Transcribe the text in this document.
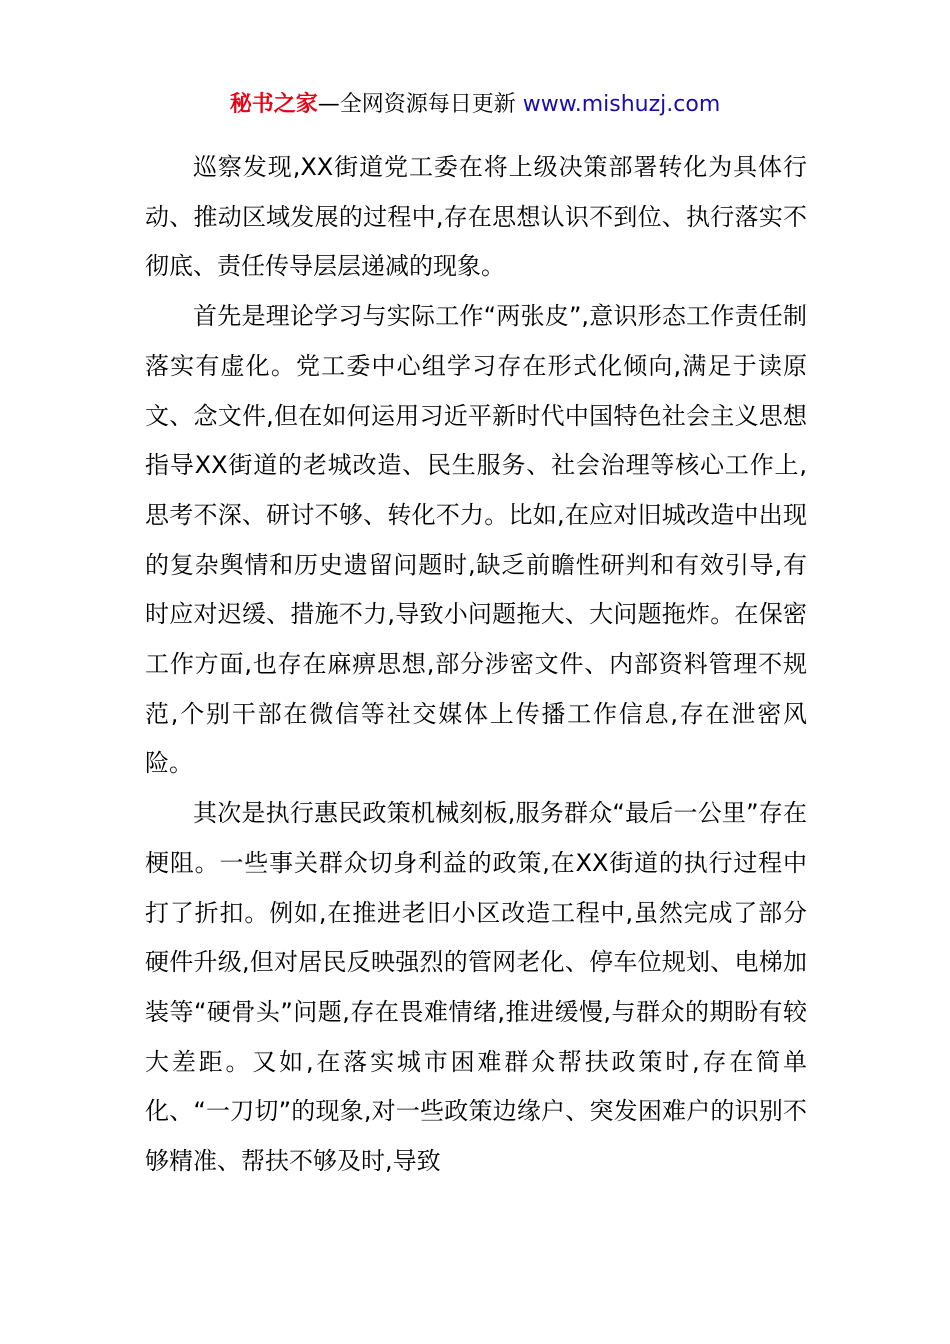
秘书之家—全网资源每日更新 www.mishuzj.com

巡察发现,XX街道党工委在将上级决策部署转化为具体行动、推动区域发展的过程中,存在思想认识不到位、执行落实不彻底、责任传导层层递减的现象。

首先是理论学习与实际工作“两张皮”,意识形态工作责任制落实有虚化。党工委中心组学习存在形式化倾向,满足于读原文、念文件,但在如何运用习近平新时代中国特色社会主义思想指导XX街道的老城改造、民生服务、社会治理等核心工作上,思考不深、研讨不够、转化不力。比如,在应对旧城改造中出现的复杂舆情和历史遗留问题时,缺乏前瞻性研判和有效引导,有时应对迟缓、措施不力,导致小问题拖大、大问题拖炸。在保密工作方面,也存在麻痹思想,部分涉密文件、内部资料管理不规范,个别干部在微信等社交媒体上传播工作信息,存在泄密风险。

其次是执行惠民政策机械刻板,服务群众“最后一公里”存在梗阻。一些事关群众切身利益的政策,在XX街道的执行过程中打了折扣。例如,在推进老旧小区改造工程中,虽然完成了部分硬件升级,但对居民反映强烈的管网老化、停车位规划、电梯加装等“硬骨头”问题,存在畏难情绪,推进缓慢,与群众的期盼有较大差距。又如,在落实城市困难群众帮扶政策时,存在简单化、“一刀切”的现象,对一些政策边缘户、突发困难户的识别不够精准、帮扶不够及时,导致
